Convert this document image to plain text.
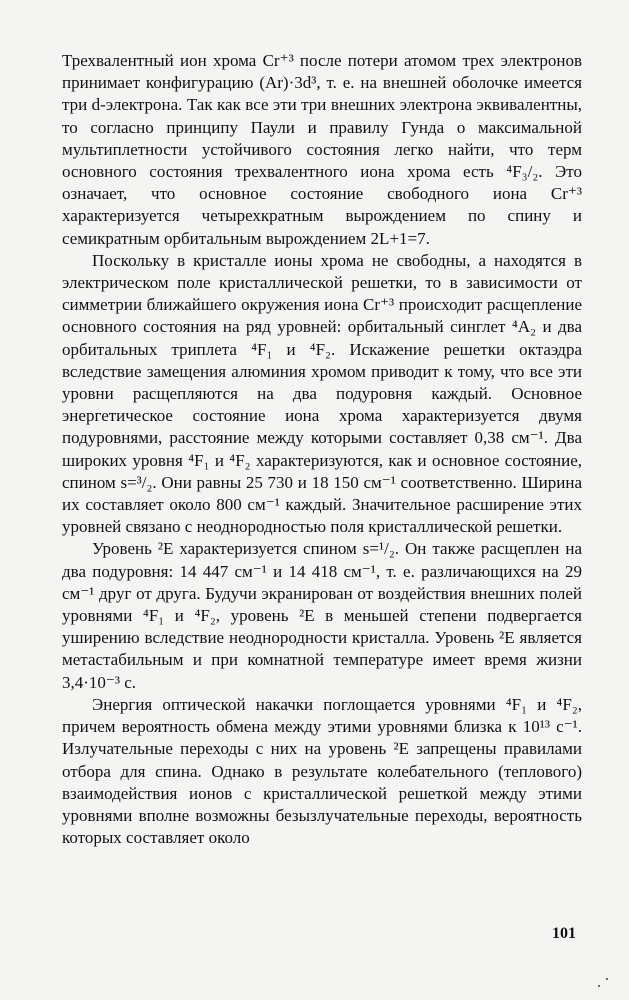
Трехвалентный ион хрома Cr⁺³ после потери атомом трех электронов принимает конфигурацию (Ar)·3d³, т. е. на внешней оболочке имеется три d-электрона. Так как все эти три внешних электрона эквивалентны, то согласно принципу Паули и правилу Гунда о максимальной мультиплетности устойчивого состояния легко найти, что терм основного состояния трехвалентного иона хрома есть ⁴F₃/₂. Это означает, что основное состояние свободного иона Cr⁺³ характеризуется четырехкратным вырождением по спину и семикратным орбитальным вырождением 2L+1=7.

Поскольку в кристалле ионы хрома не свободны, а находятся в электрическом поле кристаллической решетки, то в зависимости от симметрии ближайшего окружения иона Cr⁺³ происходит расщепление основного состояния на ряд уровней: орбитальный синглет ⁴A₂ и два орбитальных триплета ⁴F₁ и ⁴F₂. Искажение решетки октаэдра вследствие замещения алюминия хромом приводит к тому, что все эти уровни расщепляются на два подуровня каждый. Основное энергетическое состояние иона хрома характеризуется двумя подуровнями, расстояние между которыми составляет 0,38 см⁻¹. Два широких уровня ⁴F₁ и ⁴F₂ характеризуются, как и основное состояние, спином s=³/₂. Они равны 25 730 и 18 150 см⁻¹ соответственно. Ширина их составляет около 800 см⁻¹ каждый. Значительное расширение этих уровней связано с неоднородностью поля кристаллической решетки.

Уровень ²E характеризуется спином s=¹/₂. Он также расщеплен на два подуровня: 14 447 см⁻¹ и 14 418 см⁻¹, т. е. различающихся на 29 см⁻¹ друг от друга. Будучи экранирован от воздействия внешних полей уровнями ⁴F₁ и ⁴F₂, уровень ²E в меньшей степени подвергается уширению вследствие неоднородности кристалла. Уровень ²E является метастабильным и при комнатной температуре имеет время жизни 3,4·10⁻³ с.

Энергия оптической накачки поглощается уровнями ⁴F₁ и ⁴F₂, причем вероятность обмена между этими уровнями близка к 10¹³ с⁻¹. Излучательные переходы с них на уровень ²E запрещены правилами отбора для спина. Однако в результате колебательного (теплового) взаимодействия ионов с кристаллической решеткой между этими уровнями вполне возможны безызлучательные переходы, вероятность которых составляет около

101
